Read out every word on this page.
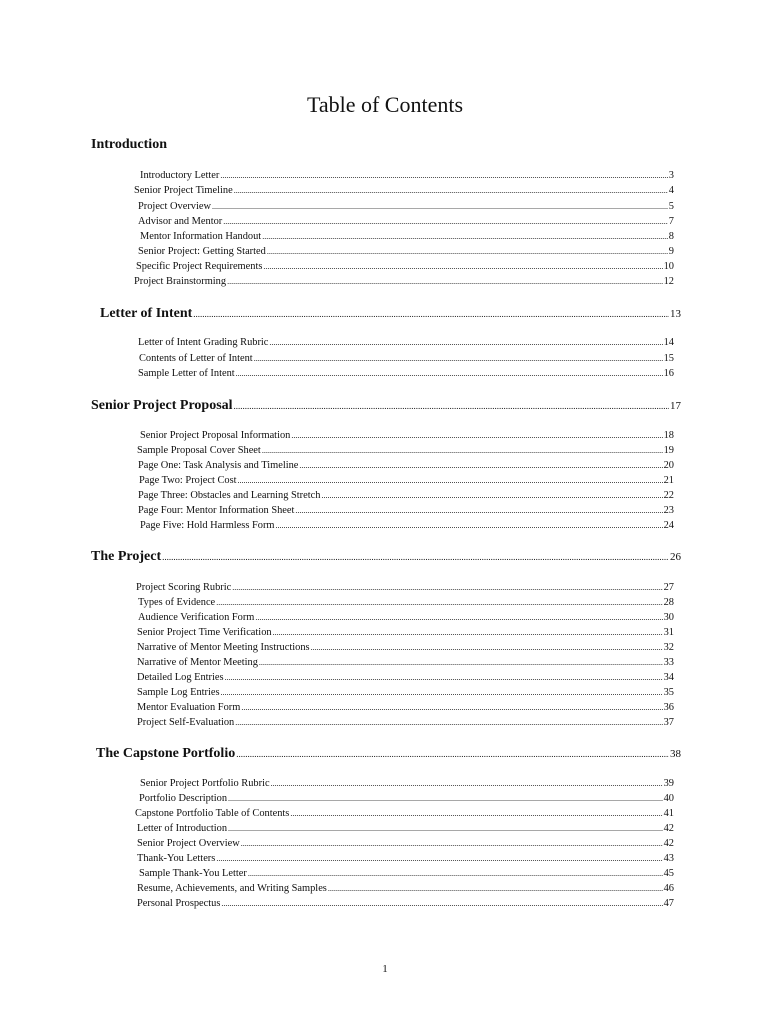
Table of Contents
Introduction
Introductory Letter .....	3
Senior Project Timeline .....	4
Project Overview .....	5
Advisor and Mentor .....	7
Mentor Information Handout .....	8
Senior Project: Getting Started .....	9
Specific Project Requirements .....	10
Project Brainstorming .....	12
Letter of Intent .....	13
Letter of Intent Grading Rubric .....	14
Contents of Letter of Intent .....	15
Sample Letter of Intent .....	16
Senior Project Proposal .....	17
Senior Project Proposal Information .....	18
Sample Proposal Cover Sheet .....	19
Page One: Task Analysis and Timeline .....	20
Page Two: Project Cost .....	21
Page Three: Obstacles and Learning Stretch .....	22
Page Four: Mentor Information Sheet .....	23
Page Five: Hold Harmless Form .....	24
The Project .....	26
Project Scoring Rubric .....	27
Types of Evidence .....	28
Audience Verification Form .....	30
Senior Project Time Verification .....	31
Narrative of Mentor Meeting Instructions .....	32
Narrative of Mentor Meeting .....	33
Detailed Log Entries .....	34
Sample Log Entries .....	35
Mentor Evaluation Form .....	36
Project Self-Evaluation .....	37
The Capstone Portfolio .....	38
Senior Project Portfolio Rubric .....	39
Portfolio Description .....	40
Capstone Portfolio Table of Contents .....	41
Letter of Introduction .....	42
Senior Project Overview .....	42
Thank-You Letters .....	43
Sample Thank-You Letter .....	45
Resume, Achievements, and Writing Samples .....	46
Personal Prospectus .....	47
1
